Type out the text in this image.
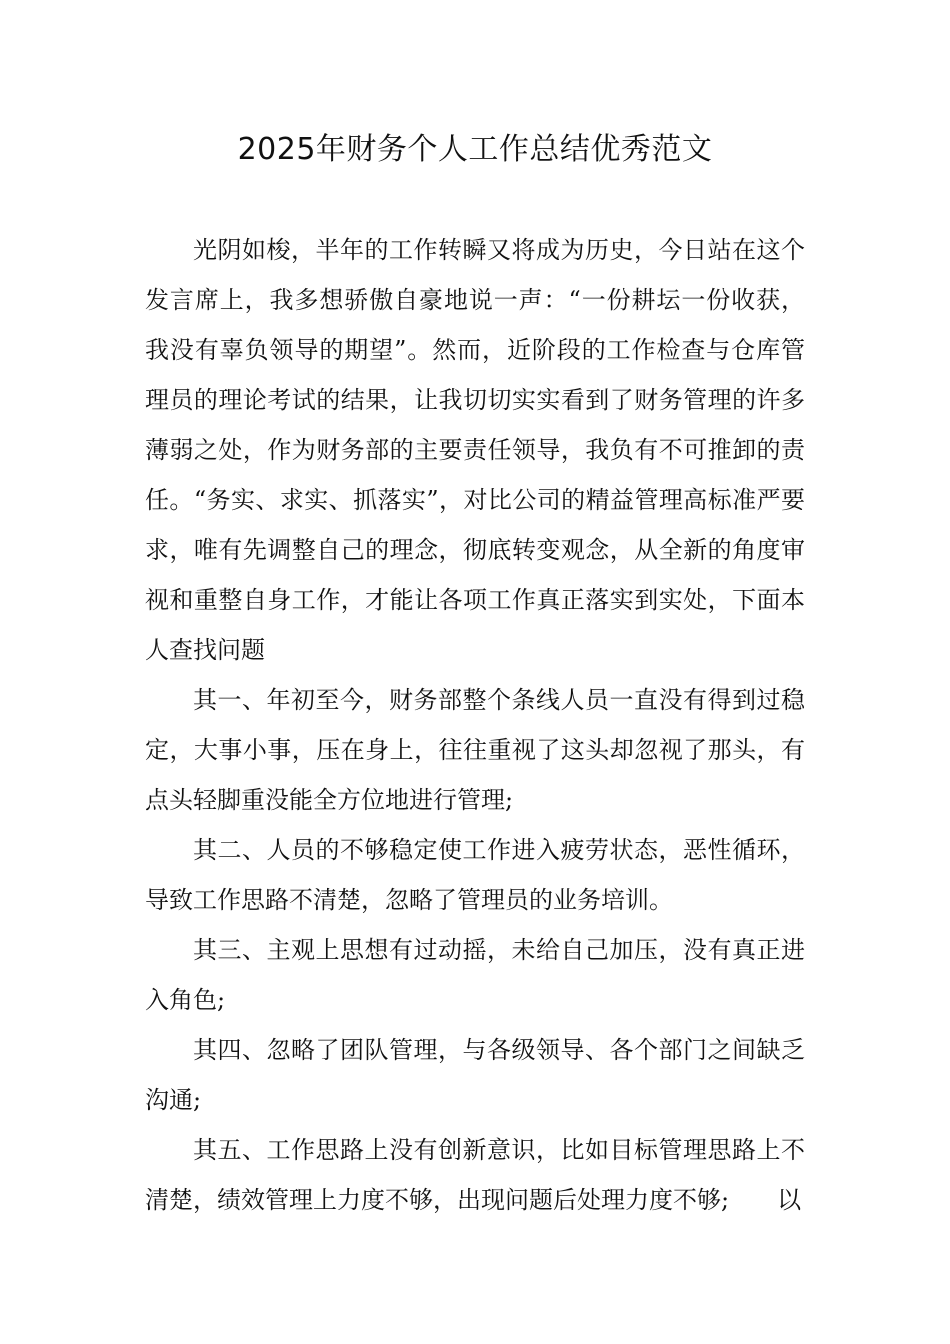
2025年财务个人工作总结优秀范文

光阴如梭，半年的工作转瞬又将成为历史，今日站在这个发言席上，我多想骄傲自豪地说一声：“一份耕坛一份收获，我没有辜负领导的期望”。然而，近阶段的工作检查与仓库管理员的理论考试的结果，让我切切实实看到了财务管理的许多薄弱之处，作为财务部的主要责任领导，我负有不可推卸的责任。“务实、求实、抓落实”，对比公司的精益管理高标准严要求，唯有先调整自己的理念，彻底转变观念，从全新的角度审视和重整自身工作，才能让各项工作真正落实到实处，下面本人查找问题

其一、年初至今，财务部整个条线人员一直没有得到过稳定，大事小事，压在身上，往往重视了这头却忽视了那头，有点头轻脚重没能全方位地进行管理;

其二、人员的不够稳定使工作进入疲劳状态，恶性循环，导致工作思路不清楚，忽略了管理员的业务培训。

其三、主观上思想有过动摇，未给自己加压，没有真正进入角色;

其四、忽略了团队管理，与各级领导、各个部门之间缺乏沟通;

其五、工作思路上没有创新意识，比如目标管理思路上不清楚，绩效管理上力度不够，出现问题后处理力度不够;　　以
